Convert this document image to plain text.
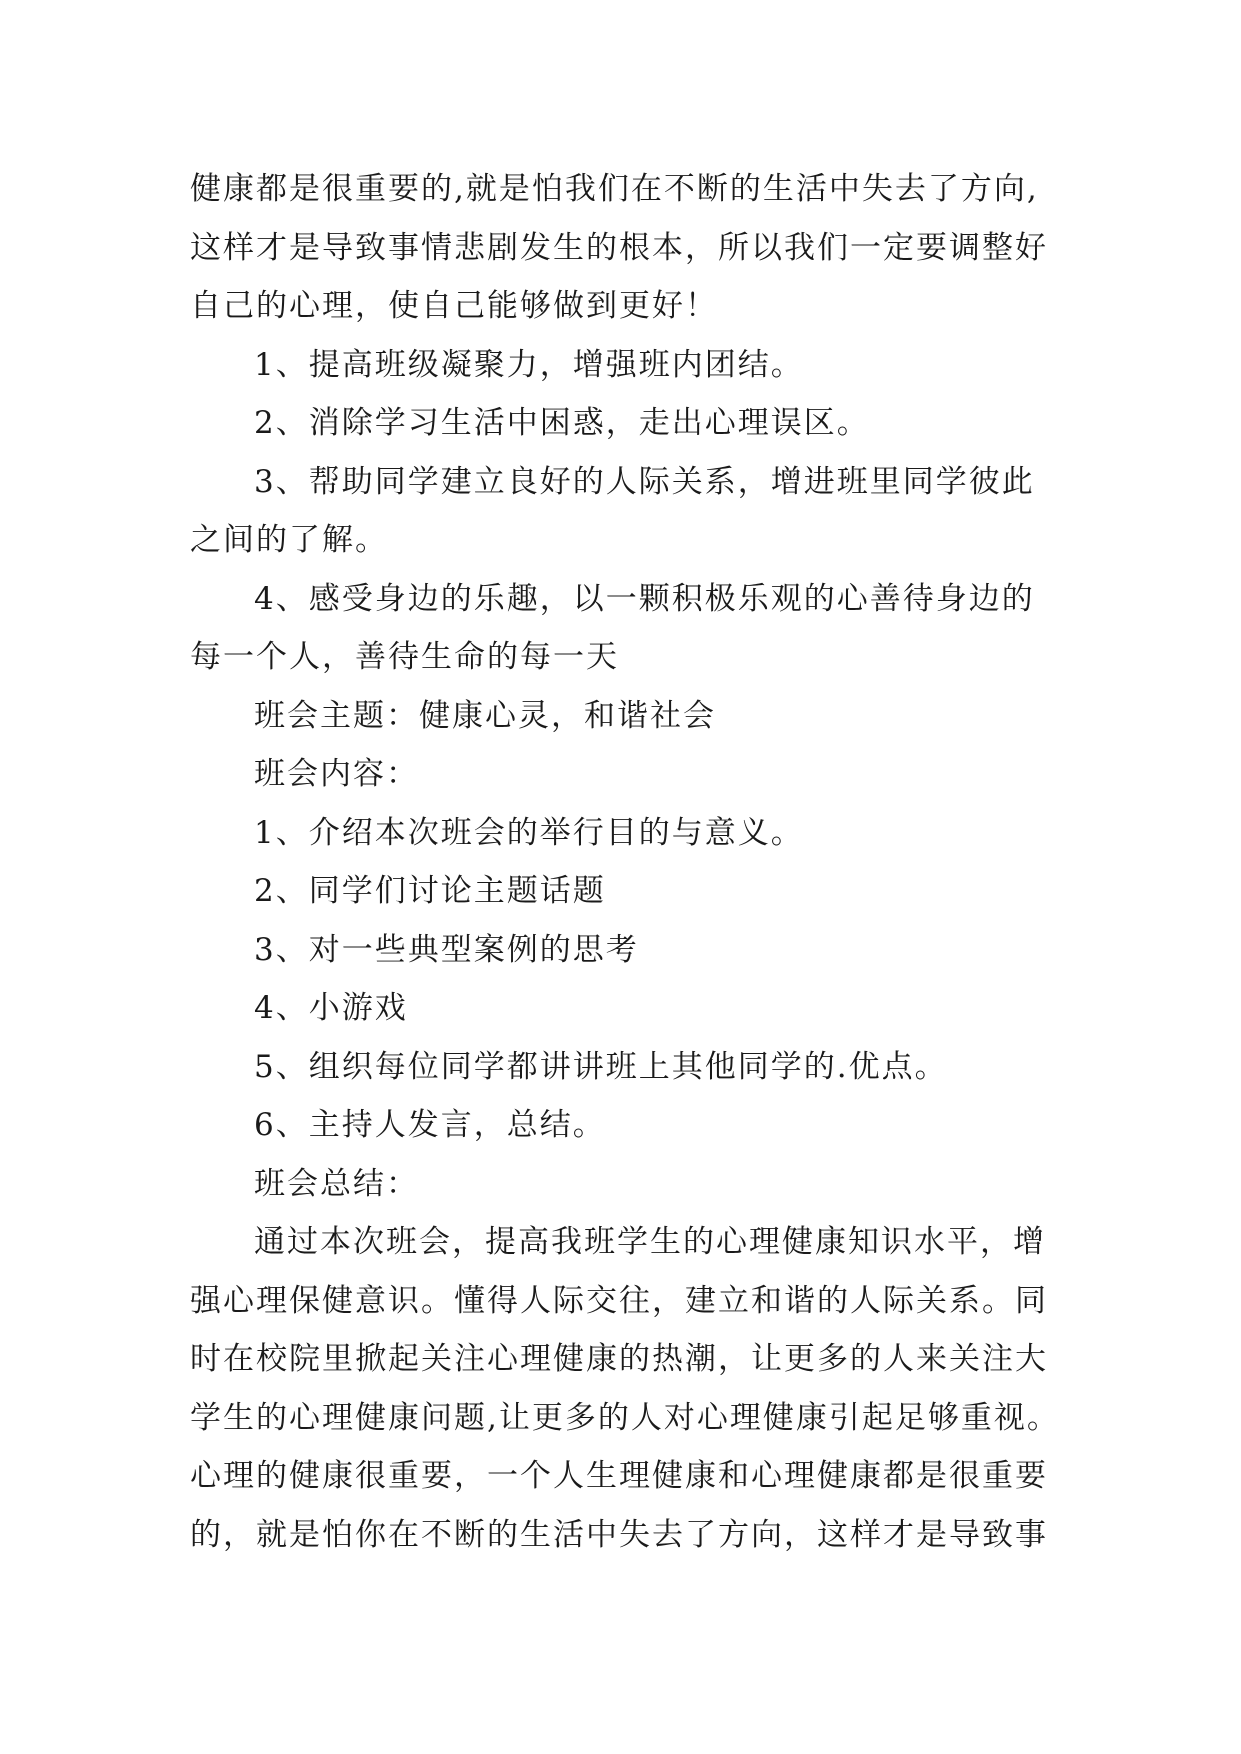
健康都是很重要的,就是怕我们在不断的生活中失去了方向,
这样才是导致事情悲剧发生的根本，所以我们一定要调整好
自己的心理，使自己能够做到更好！
1、提高班级凝聚力，增强班内团结。
2、消除学习生活中困惑，走出心理误区。
3、帮助同学建立良好的人际关系，增进班里同学彼此
之间的了解。
4、感受身边的乐趣，以一颗积极乐观的心善待身边的
每一个人，善待生命的每一天
班会主题：健康心灵，和谐社会
班会内容：
1、介绍本次班会的举行目的与意义。
2、同学们讨论主题话题
3、对一些典型案例的思考
4、小游戏
5、组织每位同学都讲讲班上其他同学的.优点。
6、主持人发言，总结。
班会总结：
通过本次班会，提高我班学生的心理健康知识水平，增
强心理保健意识。懂得人际交往，建立和谐的人际关系。同
时在校院里掀起关注心理健康的热潮，让更多的人来关注大
学生的心理健康问题,让更多的人对心理健康引起足够重视。
心理的健康很重要，一个人生理健康和心理健康都是很重要
的，就是怕你在不断的生活中失去了方向，这样才是导致事
